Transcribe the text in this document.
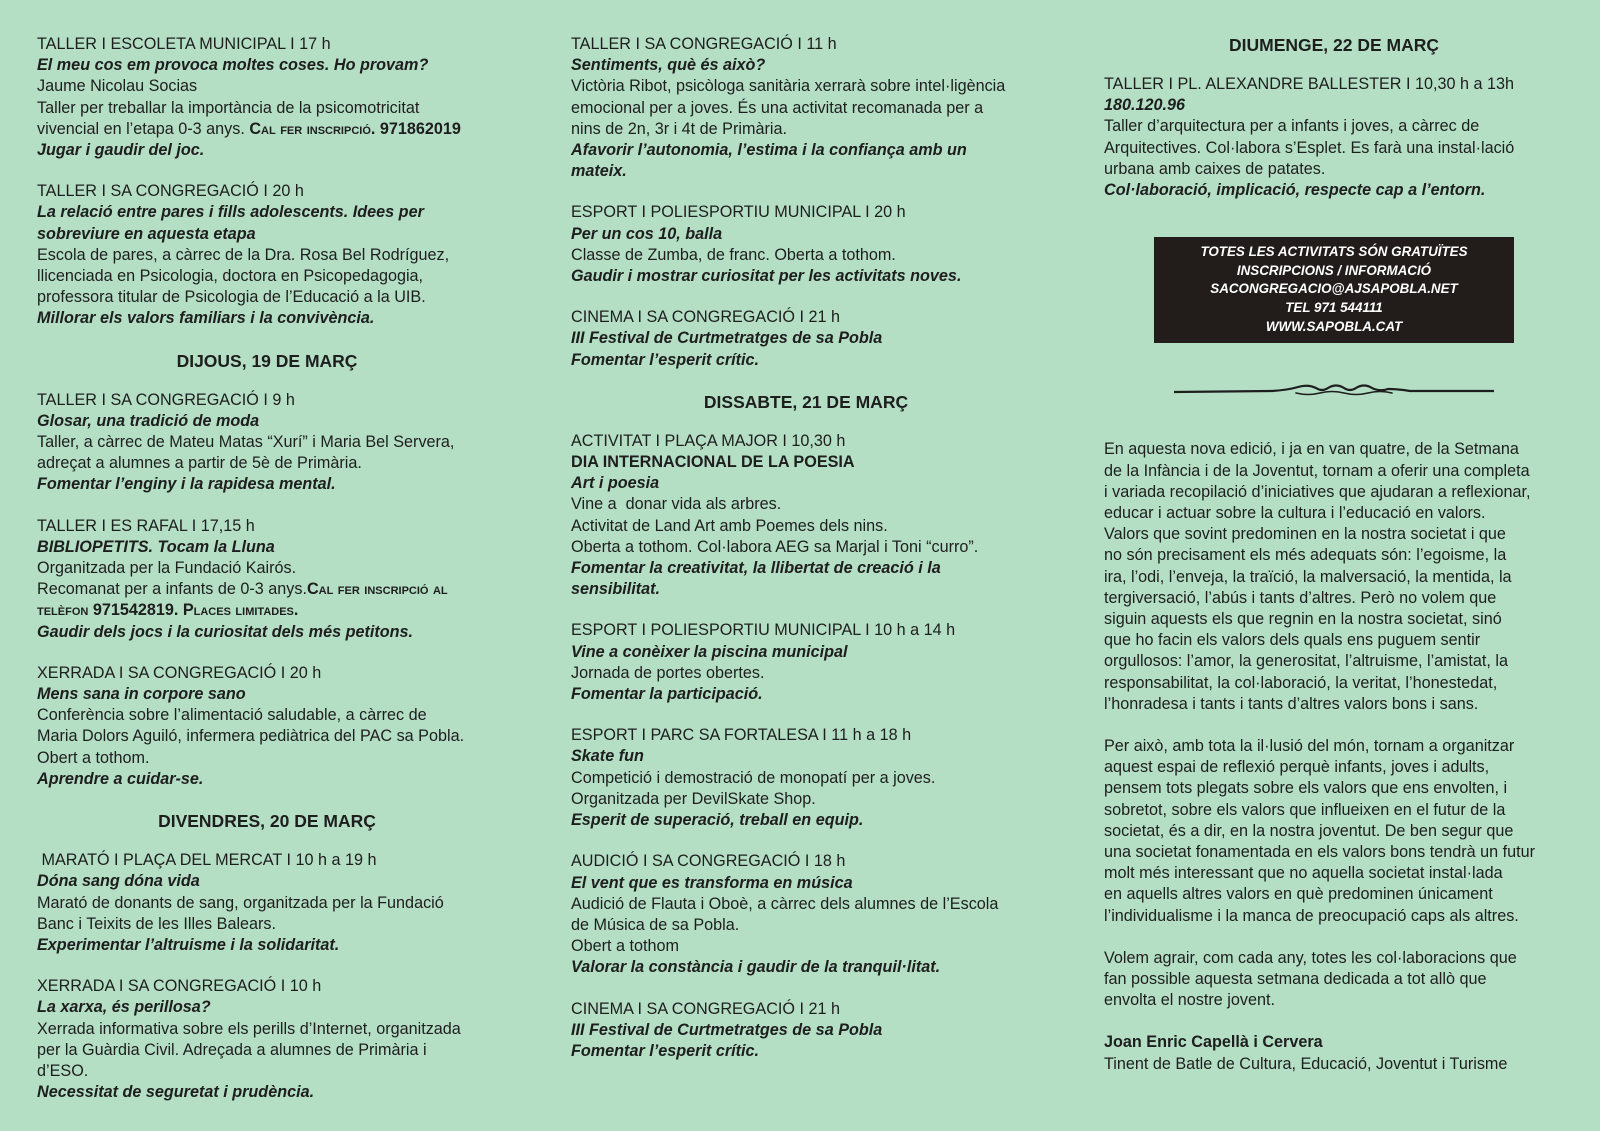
TALLER I ESCOLETA MUNICIPAL I 17 h
El meu cos em provoca moltes coses. Ho provam?
Jaume Nicolau Socias
Taller per treballar la importància de la psicomotricitat
vivencial en l’etapa 0-3 anys. Cal fer inscripció. 971862019
Jugar i gaudir del joc.
TALLER I SA CONGREGACIÓ I 20 h
La relació entre pares i fills adolescents. Idees per
sobreviure en aquesta etapa
Escola de pares, a càrrec de la Dra. Rosa Bel Rodríguez,
llicenciada en Psicologia, doctora en Psicopedagogia,
professora titular de Psicologia de l’Educació a la UIB.
Millorar els valors familiars i la convivència.
DIJOUS, 19 DE MARÇ
TALLER I SA CONGREGACIÓ I 9 h
Glosar, una tradició de moda
Taller, a càrrec de Mateu Matas “Xurí” i Maria Bel Servera,
adreçat a alumnes a partir de 5è de Primària.
Fomentar l’enginy i la rapidesa mental.
TALLER I ES RAFAL I 17,15 h
BIBLIOPETITS. Tocam la Lluna
Organitzada per la Fundació Kairós.
Recomanat per a infants de 0-3 anys.Cal fer inscripció al
telèfon 971542819. Places limitades.
Gaudir dels jocs i la curiositat dels més petitons.
XERRADA I SA CONGREGACIÓ I 20 h
Mens sana in corpore sano
Conferència sobre l’alimentació saludable, a càrrec de
Maria Dolors Aguiló, infermera pediàtrica del PAC sa Pobla.
Obert a tothom.
Aprendre a cuidar-se.
DIVENDRES, 20 DE MARÇ
MARATÓ I PLAÇA DEL MERCAT I 10 h a 19 h
Dóna sang dóna vida
Marató de donants de sang, organitzada per la Fundació
Banc i Teixits de les Illes Balears.
Experimentar l’altruisme i la solidaritat.
XERRADA I SA CONGREGACIÓ I 10 h
La xarxa, és perillosa?
Xerrada informativa sobre els perills d’Internet, organitzada
per la Guàrdia Civil. Adreçada a alumnes de Primària i
d’ESO.
Necessitat de seguretat i prudència.
TALLER I SA CONGREGACIÓ I 11 h
Sentiments, què és això?
Victòria Ribot, psicòloga sanitària xerrarà sobre intel·ligència
emocional per a joves. És una activitat recomanada per a
nins de 2n, 3r i 4t de Primària.
Afavorir l’autonomia, l’estima i la confiança amb un
mateix.
ESPORT I POLIESPORTIU MUNICIPAL I 20 h
Per un cos 10, balla
Classe de Zumba, de franc. Oberta a tothom.
Gaudir i mostrar curiositat per les activitats noves.
CINEMA I SA CONGREGACIÓ I 21 h
III Festival de Curtmetratges de sa Pobla
Fomentar l’esperit crític.
DISSABTE, 21 DE MARÇ
ACTIVITAT I PLAÇA MAJOR I 10,30 h
DIA INTERNACIONAL DE LA POESIA
Art i poesia
Vine a  donar vida als arbres.
Activitat de Land Art amb Poemes dels nins.
Oberta a tothom. Col·labora AEG sa Marjal i Toni “curro”.
Fomentar la creativitat, la llibertat de creació i la
sensibilitat.
ESPORT I POLIESPORTIU MUNICIPAL I 10 h a 14 h
Vine a conèixer la piscina municipal
Jornada de portes obertes.
Fomentar la participació.
ESPORT I PARC SA FORTALESA I 11 h a 18 h
Skate fun
Competició i demostració de monopatí per a joves.
Organitzada per DevilSkate Shop.
Esperit de superació, treball en equip.
AUDICIÓ I SA CONGREGACIÓ I 18 h
El vent que es transforma en música
Audició de Flauta i Oboè, a càrrec dels alumnes de l’Escola
de Música de sa Pobla.
Obert a tothom
Valorar la constància i gaudir de la tranquil·litat.
CINEMA I SA CONGREGACIÓ I 21 h
III Festival de Curtmetratges de sa Pobla
Fomentar l’esperit crític.
DIUMENGE, 22 DE MARÇ
TALLER I PL. ALEXANDRE BALLESTER I 10,30 h a 13h
180.120.96
Taller d’arquitectura per a infants i joves, a càrrec de
Arquitectives. Col·labora s’Esplet. Es farà una instal·lació
urbana amb caixes de patates.
Col·laboració, implicació, respecte cap a l’entorn.
TOTES LES ACTIVITATS SÓN GRATUÏTES
INSCRIPCIONS / INFORMACIÓ
SACONGREGACIO@AJSAPOBLA.NET
TEL 971 544111
WWW.SAPOBLA.CAT
En aquesta nova edició, i ja en van quatre, de la Setmana
de la Infància i de la Joventut, tornam a oferir una completa
i variada recopilació d’iniciatives que ajudaran a reflexionar,
educar i actuar sobre la cultura i l’educació en valors.
Valors que sovint predominen en la nostra societat i que
no són precisament els més adequats són: l’egoisme, la
ira, l’odi, l’enveja, la traïció, la malversació, la mentida, la
tergiversació, l’abús i tants d’altres. Però no volem que
siguin aquests els que regnin en la nostra societat, sinó
que ho facin els valors dels quals ens puguem sentir
orgullosos: l’amor, la generositat, l’altruisme, l’amistat, la
responsabilitat, la col·laboració, la veritat, l’honestedat,
l’honradesa i tants i tants d’altres valors bons i sans.
Per això, amb tota la il·lusió del món, tornam a organitzar
aquest espai de reflexió perquè infants, joves i adults,
pensem tots plegats sobre els valors que ens envolten, i
sobretot, sobre els valors que influeixen en el futur de la
societat, és a dir, en la nostra joventut. De ben segur que
una societat fonamentada en els valors bons tendrà un futur
molt més interessant que no aquella societat instal·lada
en aquells altres valors en què predominen únicament
l’individualisme i la manca de preocupació caps als altres.
Volem agrair, com cada any, totes les col·laboracions que
fan possible aquesta setmana dedicada a tot allò que
envolta el nostre jovent.
Joan Enric Capellà i Cervera
Tinent de Batle de Cultura, Educació, Joventut i Turisme
